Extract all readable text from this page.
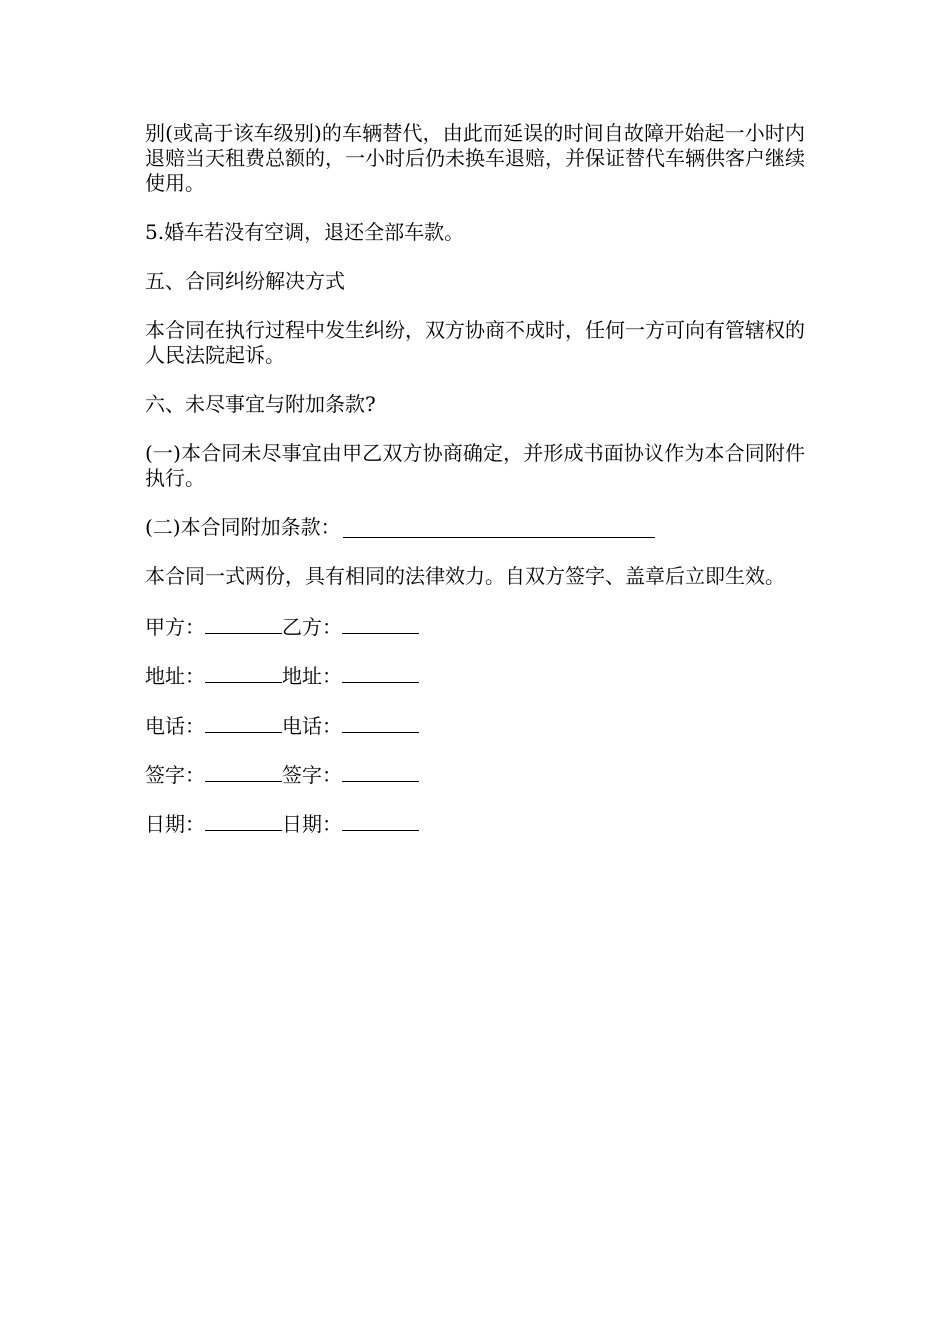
别(或高于该车级别)的车辆替代，由此而延误的时间自故障开始起一小时内退赔当天租费总额的，一小时后仍未换车退赔，并保证替代车辆供客户继续使用。

5.婚车若没有空调，退还全部车款。

五、合同纠纷解决方式

本合同在执行过程中发生纠纷，双方协商不成时，任何一方可向有管辖权的人民法院起诉。

六、未尽事宜与附加条款?

(一)本合同未尽事宜由甲乙双方协商确定，并形成书面协议作为本合同附件执行。

(二)本合同附加条款：

本合同一式两份，具有相同的法律效力。自双方签字、盖章后立即生效。

甲方：	乙方：
地址：	地址：
电话：	电话：
签字：	签字：
日期：	日期：
